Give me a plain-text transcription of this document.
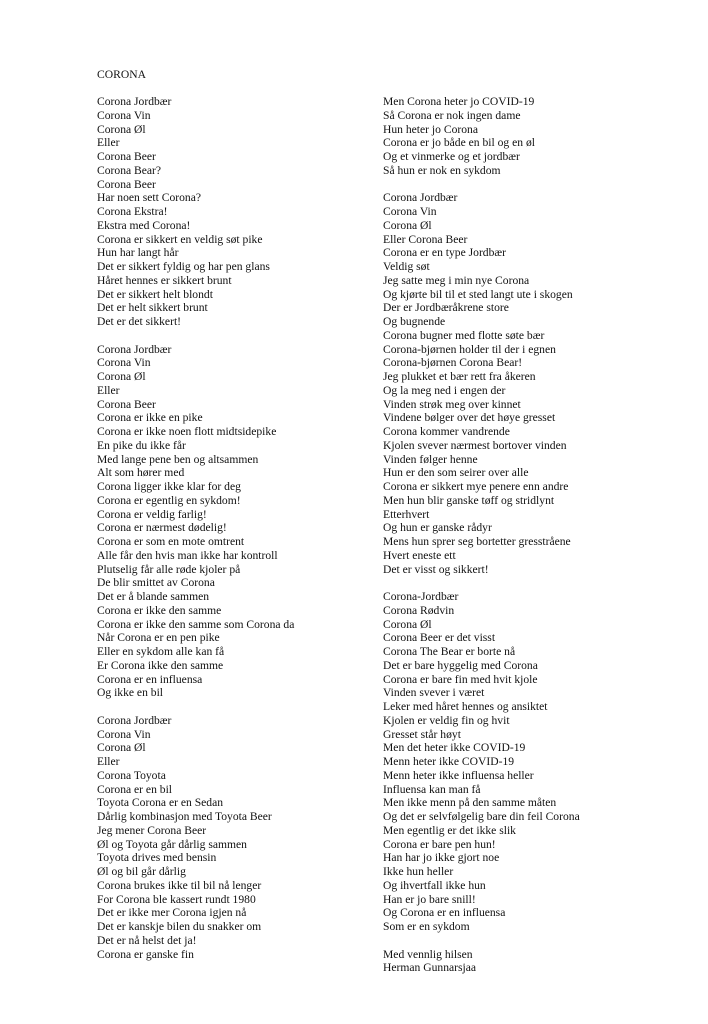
CORONA
Corona Jordbær
Corona Vin
Corona Øl
Eller
Corona Beer
Corona Bear?
Corona Beer
Har noen sett Corona?
Corona Ekstra!
Ekstra med Corona!
Corona er sikkert en veldig søt pike
Hun har langt hår
Det er sikkert fyldig og har pen glans
Håret hennes er sikkert brunt
Det er sikkert helt blondt
Det er helt sikkert brunt
Det er det sikkert!
Corona Jordbær
Corona Vin
Corona Øl
Eller
Corona Beer
Corona er ikke en pike
Corona er ikke noen flott midtsidepike
En pike du ikke får
Med lange pene ben og altsammen
Alt som hører med
Corona ligger ikke klar for deg
Corona er egentlig en sykdom!
Corona er veldig farlig!
Corona er nærmest dødelig!
Corona er som en mote omtrent
Alle får den hvis man ikke har kontroll
Plutselig får alle røde kjoler på
De blir smittet av Corona
Det er å blande sammen
Corona er ikke den samme
Corona er ikke den samme som Corona da
Når Corona er en pen pike
Eller en sykdom alle kan få
Er Corona ikke den samme
Corona er en influensa
Og ikke en bil
Corona Jordbær
Corona Vin
Corona Øl
Eller
Corona Toyota
Corona er en bil
Toyota Corona er en Sedan
Dårlig kombinasjon med Toyota Beer
Jeg mener Corona Beer
Øl og Toyota går dårlig sammen
Toyota drives med bensin
Øl og bil går dårlig
Corona brukes ikke til bil nå lenger
For Corona ble kassert rundt 1980
Det er ikke mer Corona igjen nå
Det er kanskje bilen du snakker om
Det er nå helst det ja!
Corona er ganske fin
Men Corona heter jo COVID-19
Så Corona er nok ingen dame
Hun heter jo Corona
Corona er jo både en bil og en øl
Og et vinmerke og et jordbær
Så hun er nok en sykdom
Corona Jordbær
Corona Vin
Corona Øl
Eller Corona Beer
Corona er en type Jordbær
Veldig søt
Jeg satte meg i min nye Corona
Og kjørte bil til et sted langt ute i skogen
Der er Jordbæråkrene store
Og bugnende
Corona bugner med flotte søte bær
Corona-bjørnen holder til der i egnen
Corona-bjørnen Corona Bear!
Jeg plukket et bær rett fra åkeren
Og la meg ned i engen der
Vinden strøk meg over kinnet
Vindene bølger over det høye gresset
Corona kommer vandrende
Kjolen svever nærmest bortover vinden
Vinden følger henne
Hun er den som seirer over alle
Corona er sikkert mye penere enn andre
Men hun blir ganske tøff og stridlynt
Etterhvert
Og hun er ganske rådyr
Mens hun sprer seg bortetter gresstråene
Hvert eneste ett
Det er visst og sikkert!
Corona-Jordbær
Corona Rødvin
Corona Øl
Corona Beer er det visst
Corona The Bear er borte nå
Det er bare hyggelig med Corona
Corona er bare fin med hvit kjole
Vinden svever i været
Leker med håret hennes og ansiktet
Kjolen er veldig fin og hvit
Gresset står høyt
Men det heter ikke COVID-19
Menn heter ikke COVID-19
Menn heter ikke influensa heller
Influensa kan man få
Men ikke menn på den samme måten
Og det er selvfølgelig bare din feil Corona
Men egentlig er det ikke slik
Corona er bare pen hun!
Han har jo ikke gjort noe
Ikke hun heller
Og ihvertfall ikke hun
Han er jo bare snill!
Og Corona er en influensa
Som er en sykdom
Med vennlig hilsen
Herman Gunnarsjaa
